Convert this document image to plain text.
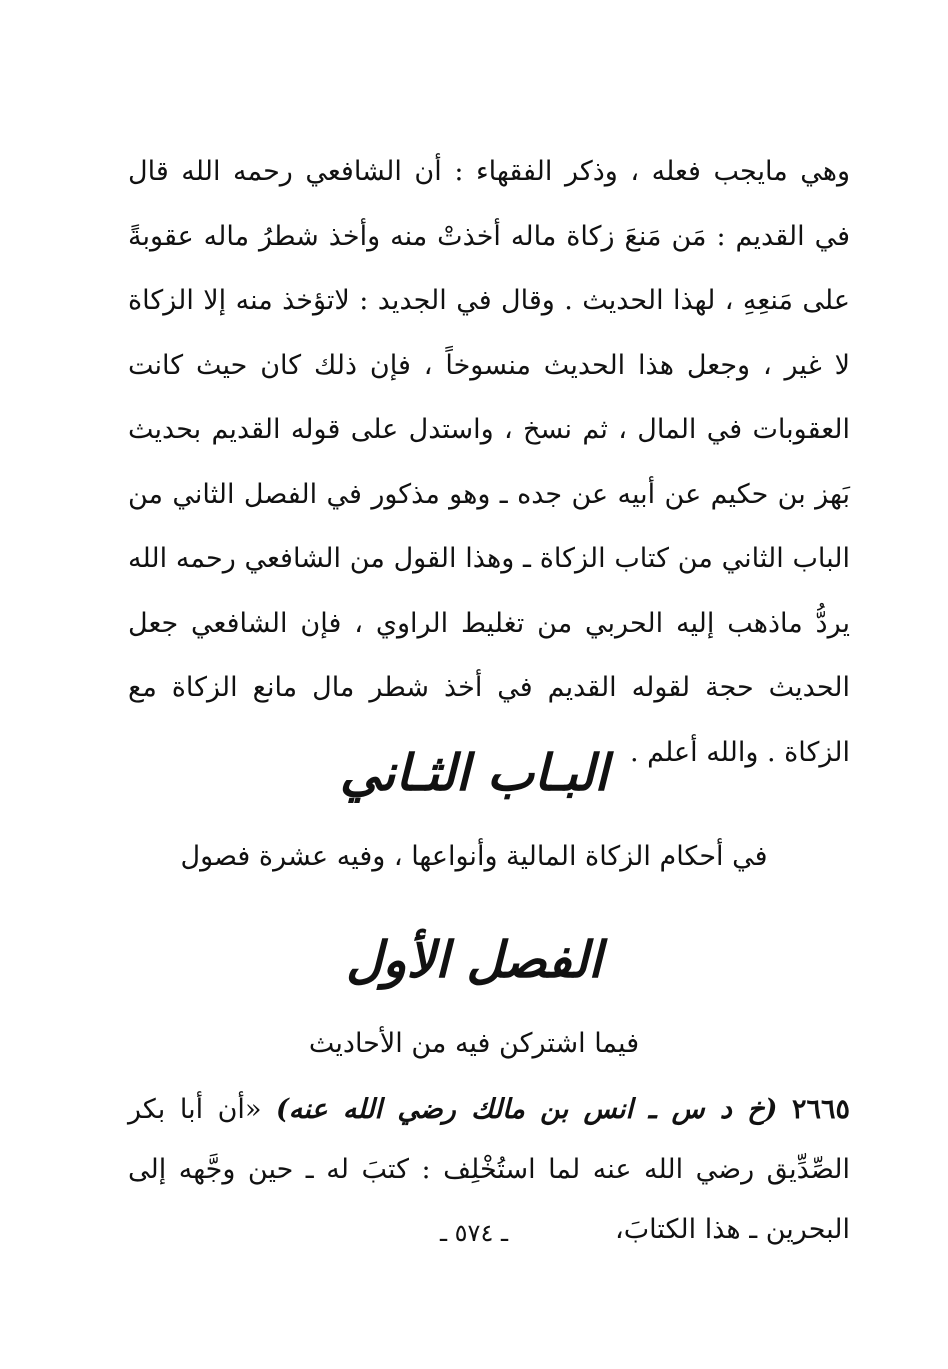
وهي مايجب فعله ، وذكر الفقهاء : أن الشافعي رحمه الله قال في القديم : مَن مَنعَ زكاة ماله أخذتْ منه وأخذ شطرُ ماله عقوبةً على مَنعِهِ ، لهذا الحديث . وقال في الجديد : لاتؤخذ منه إلا الزكاة لا غير ، وجعل هذا الحديث منسوخاً ، فإن ذلك كان حيث كانت العقوبات في المال ، ثم نسخ ، واستدل على قوله القديم بحديث بَهز بن حكيم عن أبيه عن جده ـ وهو مذكور في الفصل الثاني من الباب الثاني من كتاب الزكاة ـ وهذا القول من الشافعي رحمه الله يردُّ ماذهب إليه الحربي من تغليط الراوي ، فإن الشافعي جعل الحديث حجة لقوله القديم في أخذ شطر مال مانع الزكاة مع الزكاة . والله أعلم .

البـاب الثـاني
في أحكام الزكاة المالية وأنواعها ، وفيه عشرة فصول
الفصل الأول
فيما اشتركن فيه من الأحاديث

٢٦٦٥ (خ د س ـ انس بن مالك رضي الله عنه) «أن أبا بكر الصِّدِّيق رضي الله عنه لما استُخْلِف : كتبَ له ـ حين وجَّهه إلى البحرين ـ هذا الكتابَ،

ـ ٥٧٤ ـ
